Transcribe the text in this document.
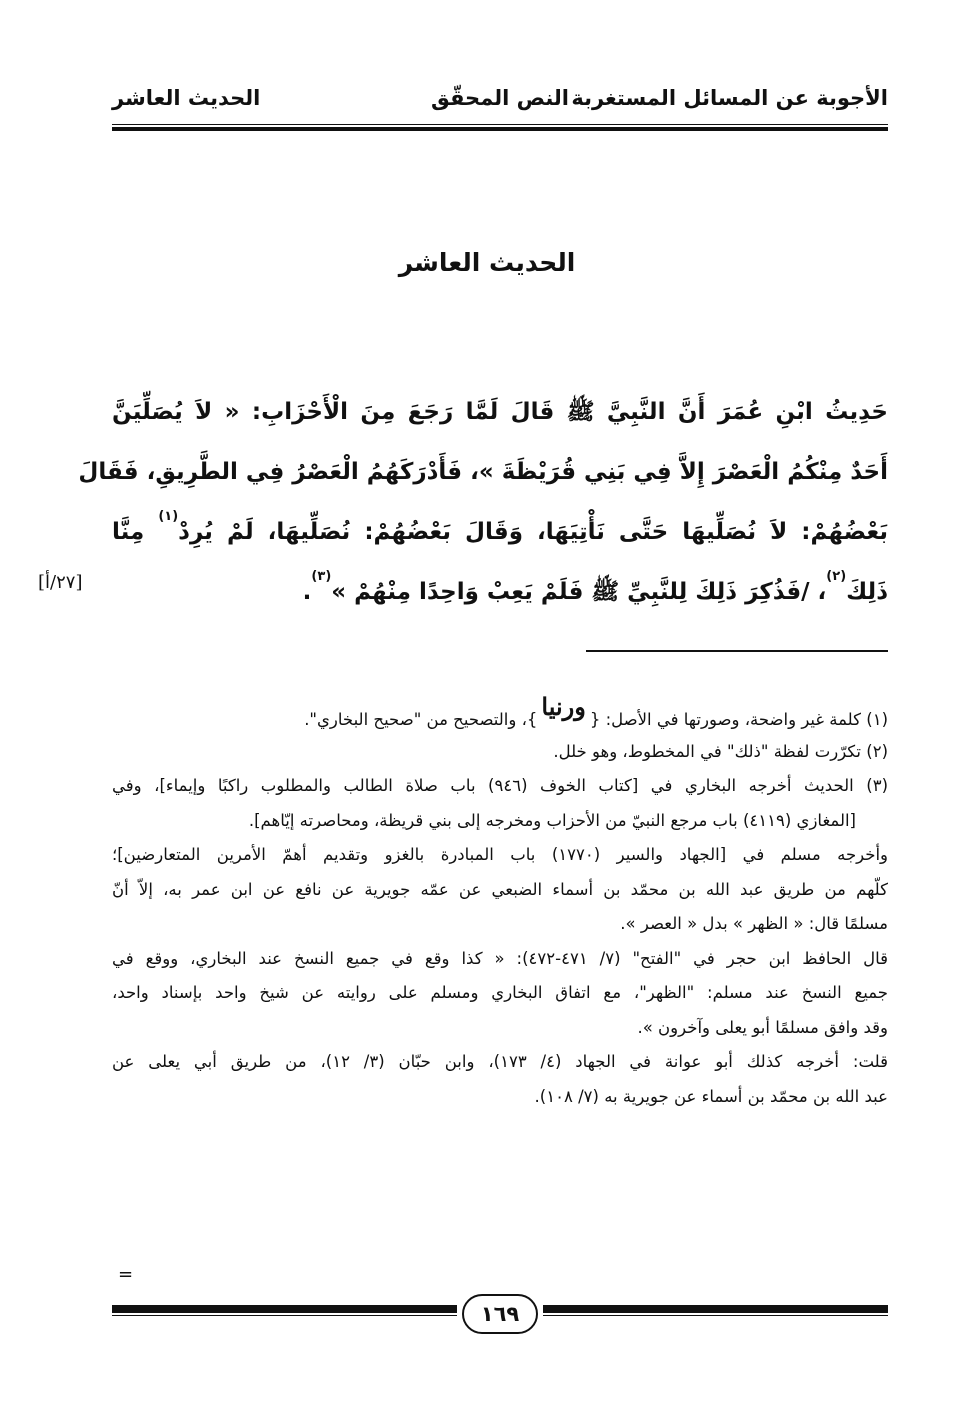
الأجوبة عن المسائل المستغربة
النص المحقّق
الحديث العاشر
الحديث العاشر
حَدِيثُ ابْنِ عُمَرَ أَنَّ النَّبِيَّ ﷺ قَالَ لَمَّا رَجَعَ مِنَ الْأَحْزَابِ: « لاَ يُصَلِّيَنَّ
أَحَدٌ مِنْكُمُ الْعَصْرَ إِلاَّ فِي بَنِي قُرَيْظَةَ »، فَأَدْرَكَهُمُ الْعَصْرُ فِي الطَّرِيقِ، فَقَالَ
بَعْضُهُمْ: لاَ نُصَلِّيهَا حَتَّى نَأْتِيَهَا، وَقَالَ بَعْضُهُمْ: نُصَلِّيهَا، لَمْ يُرِدْ$^{(١)}$ مِنَّا
ذَلِكَ$^{(٢)}$، /فَذُكِرَ ذَلِكَ لِلنَّبِيِّ ﷺ فَلَمْ يَعِبْ وَاحِدًا مِنْهُمْ »$^{(٣)}$.
[٢٧/أ]
(١) كلمة غير واضحة، وصورتها في الأصل: {ورنيا}، والتصحيح من "صحيح البخاري".
(٢) تكرّرت لفظة "ذلك" في المخطوط، وهو خلل.
(٣) الحديث أخرجه البخاري في [كتاب الخوف (٩٤٦) باب صلاة الطالب والمطلوب راكبًا وإيماء]، وفي
[المغازي (٤١١٩) باب مرجع النبيّ من الأحزاب ومخرجه إلى بني قريظة، ومحاصرته إيّاهم].
وأخرجه مسلم في [الجهاد والسير (١٧٧٠) باب المبادرة بالغزو وتقديم أهمّ الأمرين المتعارضين]؛
كلّهم من طريق عبد الله بن محمّد بن أسماء الضبعي عن عمّه جويرية عن نافع عن ابن عمر به، إلاّ أنّ
مسلمًا قال: « الظهر » بدل « العصر ».
قال الحافظ ابن حجر في "الفتح" (٧/ ٤٧١-٤٧٢): « كذا وقع في جميع النسخ عند البخاري، ووقع في
جميع النسخ عند مسلم: "الظهر"، مع اتفاق البخاري ومسلم على روايته عن شيخ واحد بإسناد واحد،
وقد وافق مسلمًا أبو يعلى وآخرون ».
قلت: أخرجه كذلك أبو عوانة في الجهاد (٤/ ١٧٣)، وابن حبّان (٣/ ١٢)، من طريق أبي يعلى عن
عبد الله بن محمّد بن أسماء عن جويرية به (٧/ ١٠٨).
=
١٦٩
